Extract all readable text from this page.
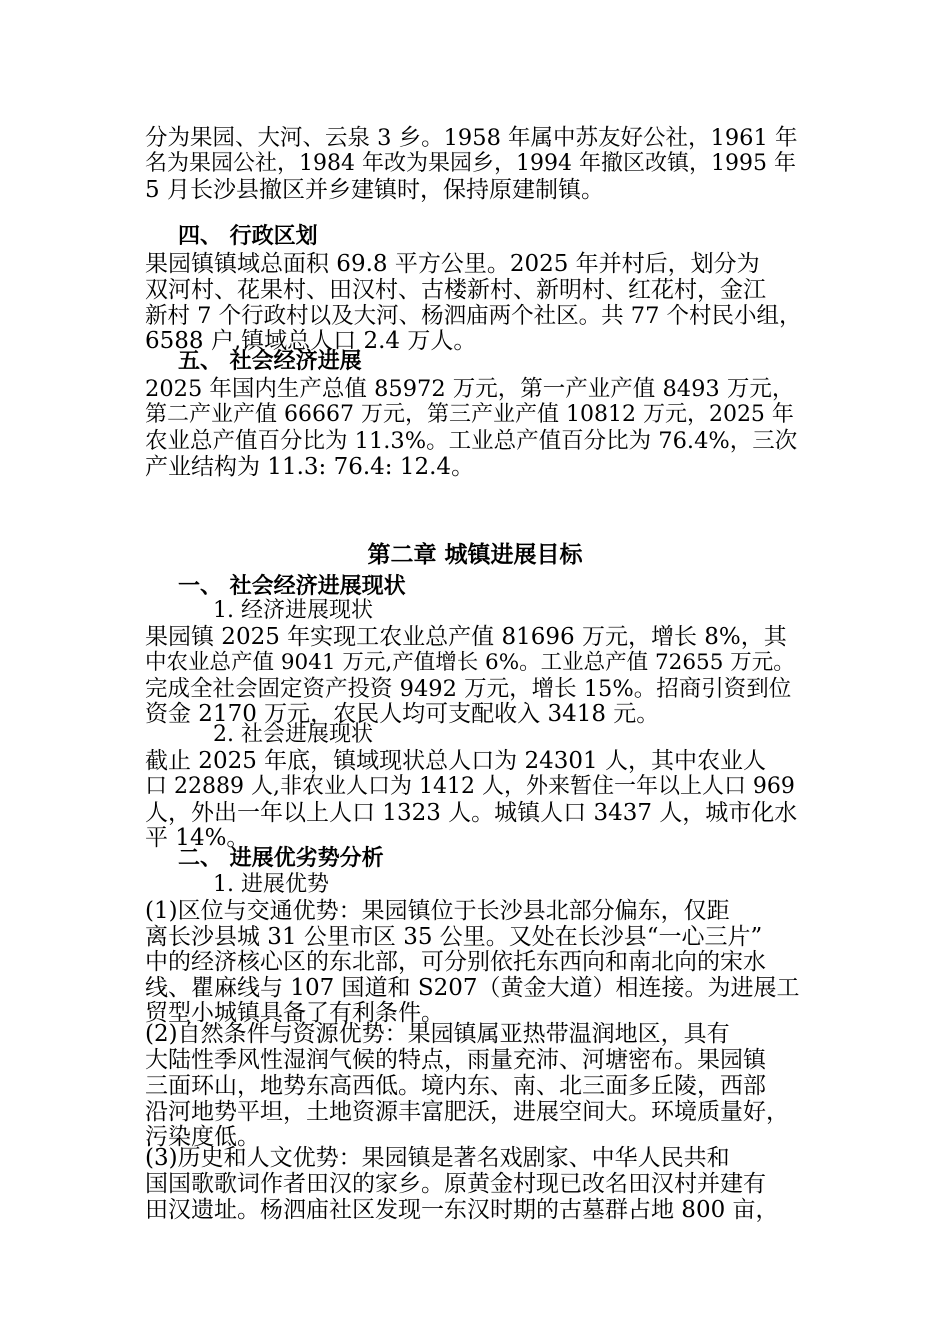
分为果园、大河、云泉 3 乡。1958 年属中苏友好公社，1961 年
名为果园公社，1984 年改为果园乡，1994 年撤区改镇，1995 年
5 月长沙县撤区并乡建镇时，保持原建制镇。
四、 行政区划
果园镇镇域总面积 69.8 平方公里。2025 年并村后，划分为
双河村、花果村、田汉村、古楼新村、新明村、红花村，金江
新村 7 个行政村以及大河、杨泗庙两个社区。共 77 个村民小组，
6588 户,镇域总人口 2.4 万人。
五、 社会经济进展
2025 年国内生产总值 85972 万元，第一产业产值 8493 万元，
第二产业产值 66667 万元，第三产业产值 10812 万元，2025 年
农业总产值百分比为 11.3%。工业总产值百分比为 76.4%，三次
产业结构为 11.3: 76.4: 12.4。
第二章 城镇进展目标
一、 社会经济进展现状
1. 经济进展现状
果园镇 2025 年实现工农业总产值 81696 万元，增长 8%，其
中农业总产值 9041 万元,产值增长 6%。工业总产值 72655 万元。
完成全社会固定资产投资 9492 万元，增长 15%。招商引资到位
资金 2170 万元，农民人均可支配收入 3418 元。
2. 社会进展现状
截止 2025 年底，镇域现状总人口为 24301 人，其中农业人
口 22889 人,非农业人口为 1412 人，外来暂住一年以上人口 969
人，外出一年以上人口 1323 人。城镇人口 3437 人，城市化水
平 14%。
二、 进展优劣势分析
1. 进展优势
(1)区位与交通优势：果园镇位于长沙县北部分偏东，仅距
离长沙县城 31 公里市区 35 公里。又处在长沙县“一心三片”
中的经济核心区的东北部，可分别依托东西向和南北向的宋水
线、瞿麻线与 107 国道和 S207（黄金大道）相连接。为进展工
贸型小城镇具备了有利条件。
(2)自然条件与资源优势：果园镇属亚热带温润地区，具有
大陆性季风性湿润气候的特点，雨量充沛、河塘密布。果园镇
三面环山，地势东高西低。境内东、南、北三面多丘陵，西部
沿河地势平坦，土地资源丰富肥沃，进展空间大。环境质量好，
污染度低。
(3)历史和人文优势：果园镇是著名戏剧家、中华人民共和
国国歌歌词作者田汉的家乡。原黄金村现已改名田汉村并建有
田汉遗址。杨泗庙社区发现一东汉时期的古墓群占地 800 亩，
